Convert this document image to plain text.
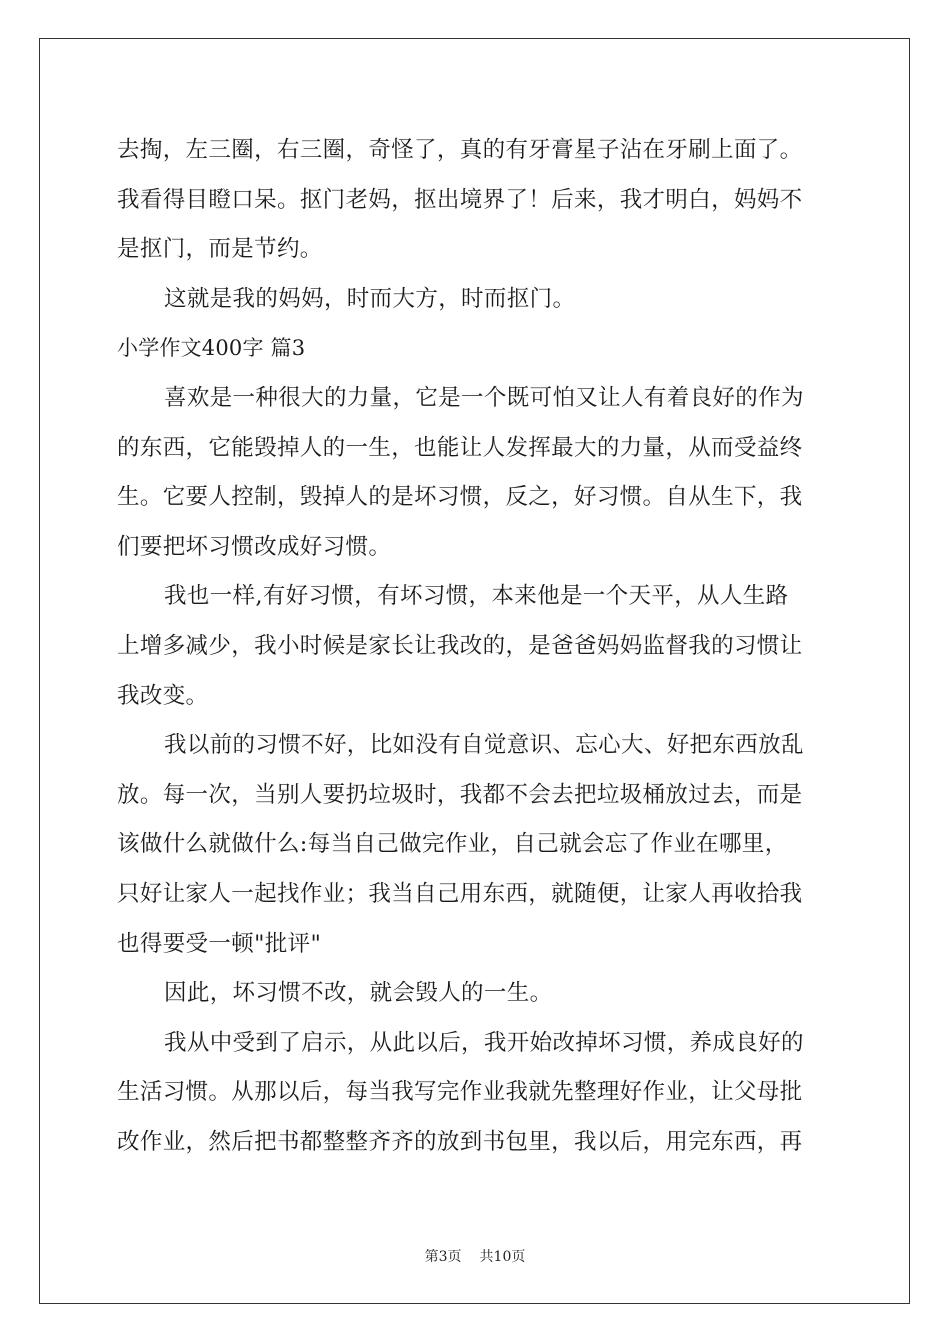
去掏，左三圈，右三圈，奇怪了，真的有牙膏星子沾在牙刷上面了。
我看得目瞪口呆。抠门老妈，抠出境界了！后来，我才明白，妈妈不
是抠门，而是节约。
这就是我的妈妈，时而大方，时而抠门。
小学作文400字 篇3
喜欢是一种很大的力量，它是一个既可怕又让人有着良好的作为
的东西，它能毁掉人的一生，也能让人发挥最大的力量，从而受益终
生。它要人控制，毁掉人的是坏习惯，反之，好习惯。自从生下，我
们要把坏习惯改成好习惯。
我也一样,有好习惯，有坏习惯，本来他是一个天平，从人生路
上增多减少，我小时候是家长让我改的，是爸爸妈妈监督我的习惯让
我改变。
我以前的习惯不好，比如没有自觉意识、忘心大、好把东西放乱
放。每一次，当别人要扔垃圾时，我都不会去把垃圾桶放过去，而是
该做什么就做什么:每当自己做完作业，自己就会忘了作业在哪里，
只好让家人一起找作业；我当自己用东西，就随便，让家人再收拾我
也得要受一顿"批评"
因此，坏习惯不改，就会毁人的一生。
我从中受到了启示，从此以后，我开始改掉坏习惯，养成良好的
生活习惯。从那以后，每当我写完作业我就先整理好作业，让父母批
改作业，然后把书都整整齐齐的放到书包里，我以后，用完东西，再
第3页 共10页
